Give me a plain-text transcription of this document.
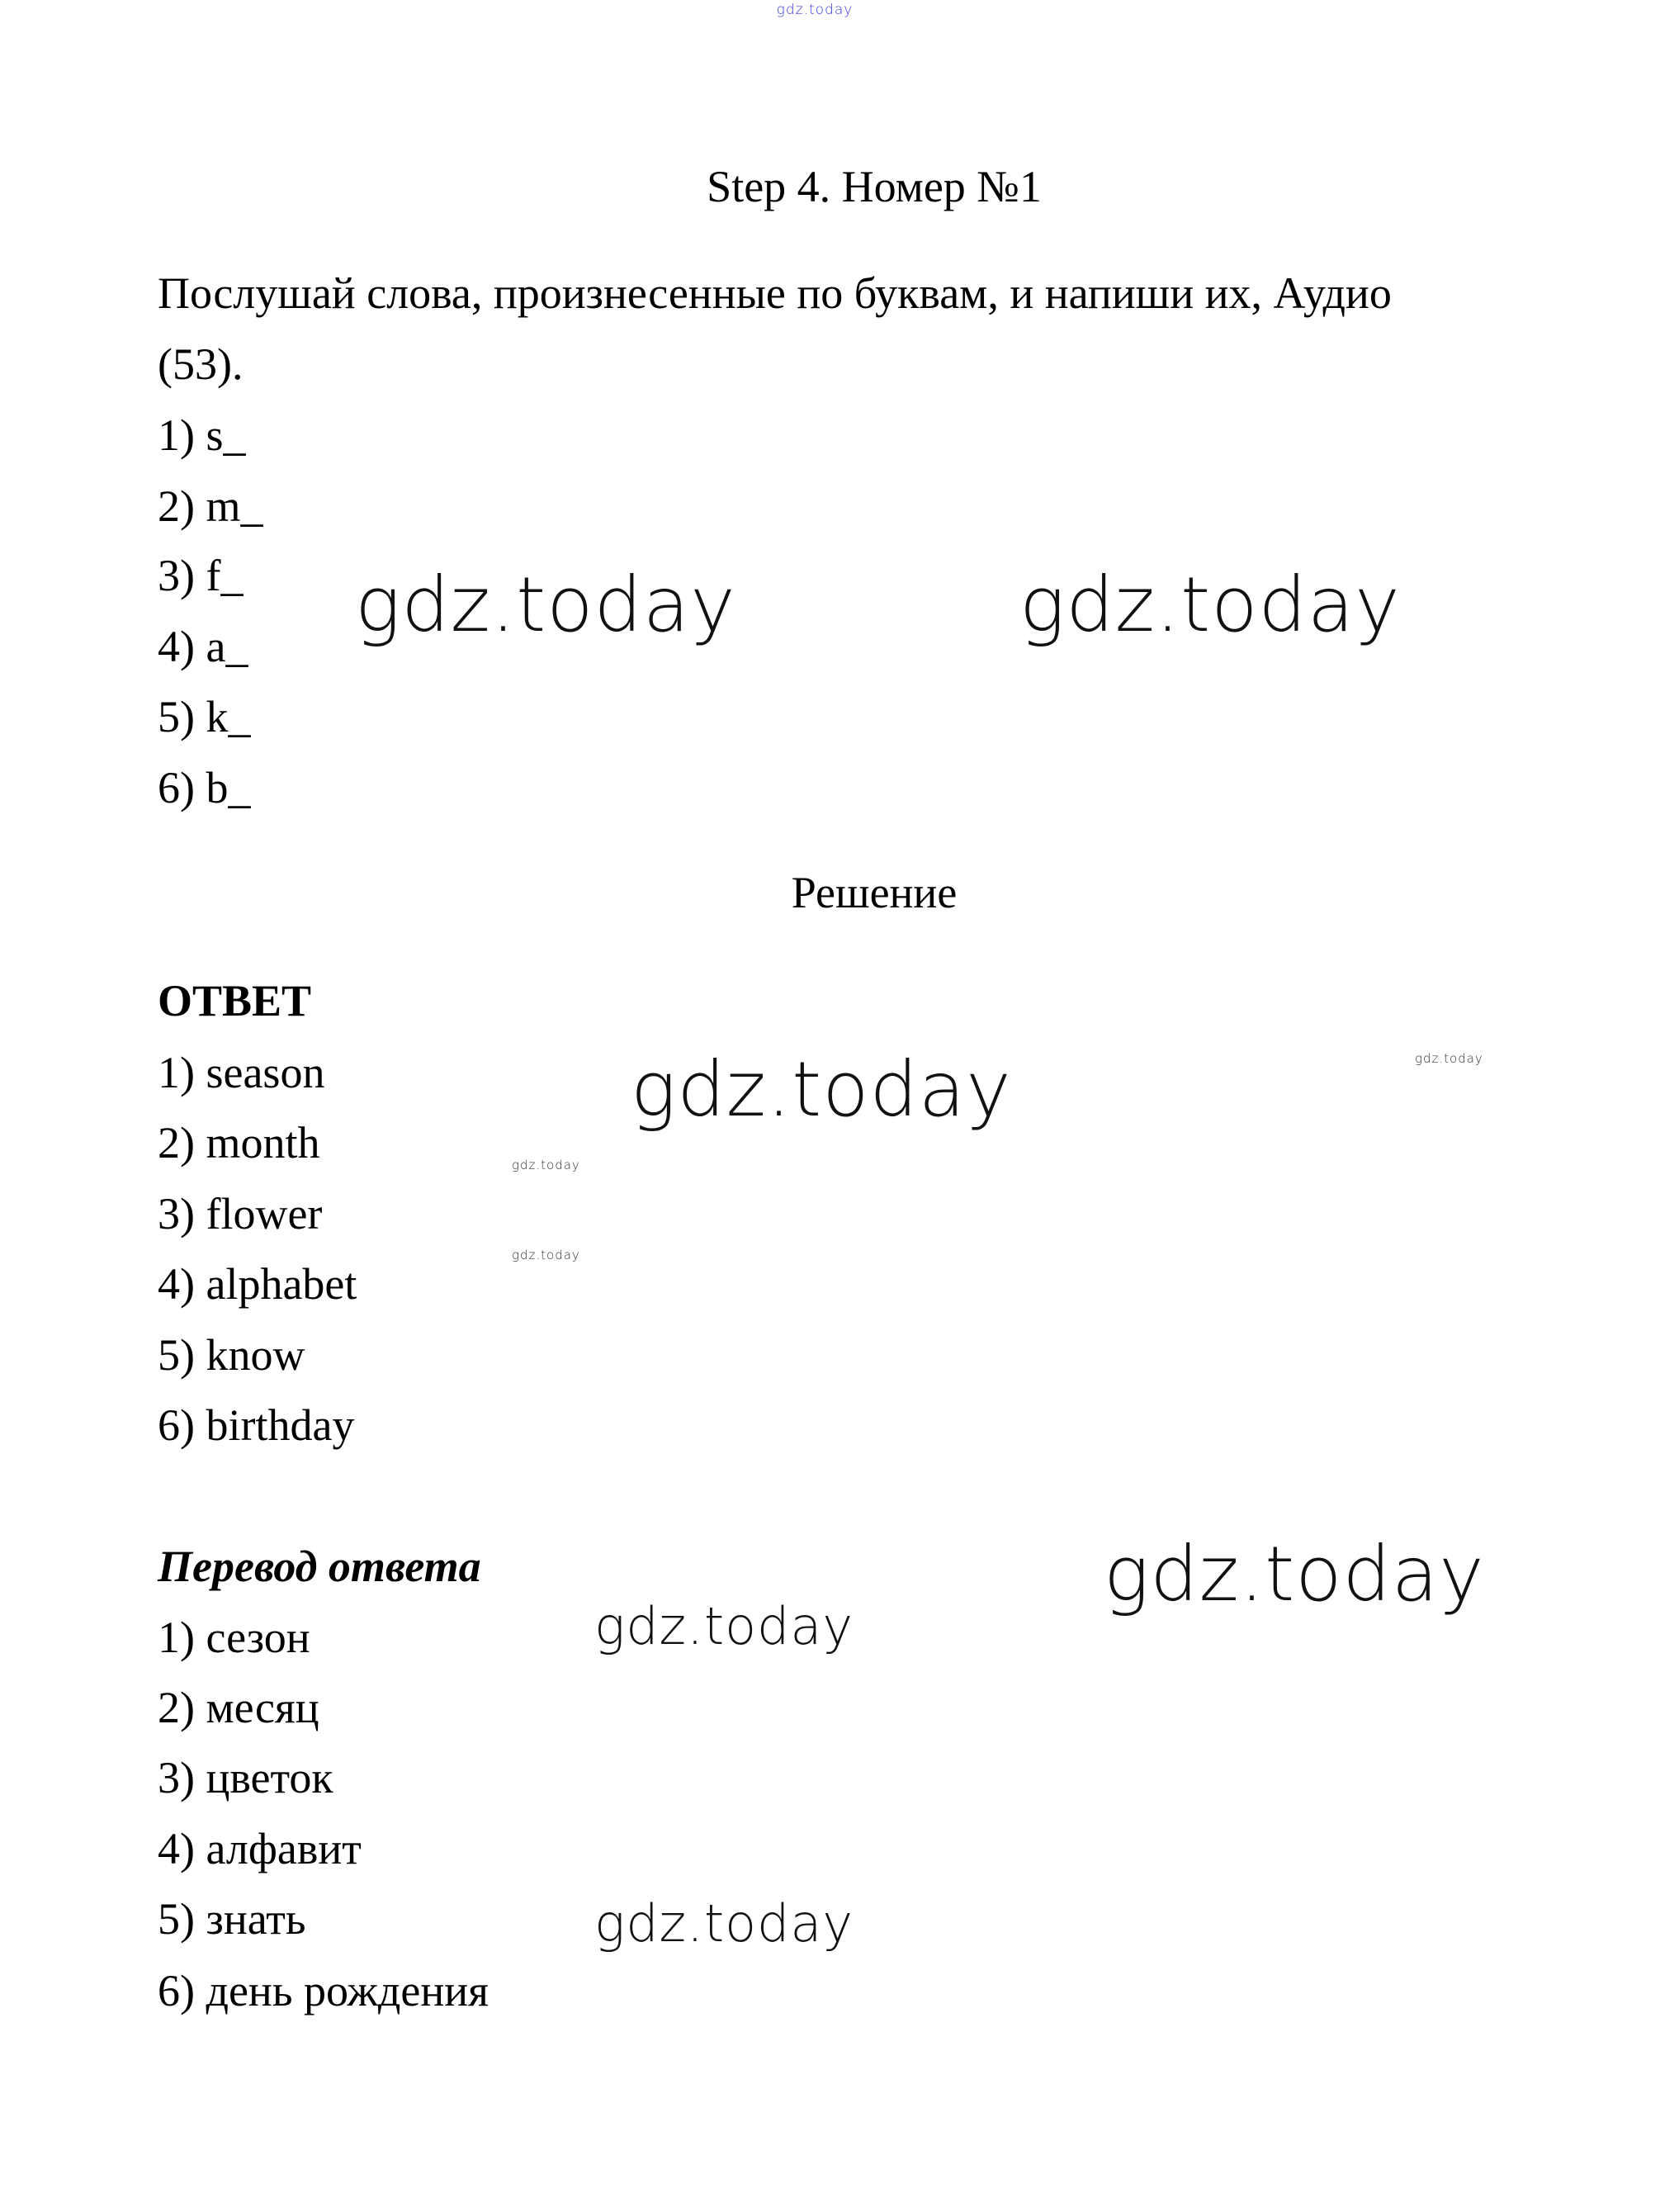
gdz.today
Step 4. Номер №1
Послушай слова, произнесенные по буквам, и напиши их, Аудио
(53).
1) s_
2) m_
3) f_
4) a_
5) k_
6) b_
Решение
ОТВЕТ
1) season
2) month
3) flower
4) alphabet
5) know
6) birthday
Перевод ответа
1) сезон
2) месяц
3) цветок
4) алфавит
5) знать
6) день рождения
gdz.today	gdz.today
gdz.today
gdz.today
gdz.today
gdz.today
gdz.today
gdz.today
gdz.today
